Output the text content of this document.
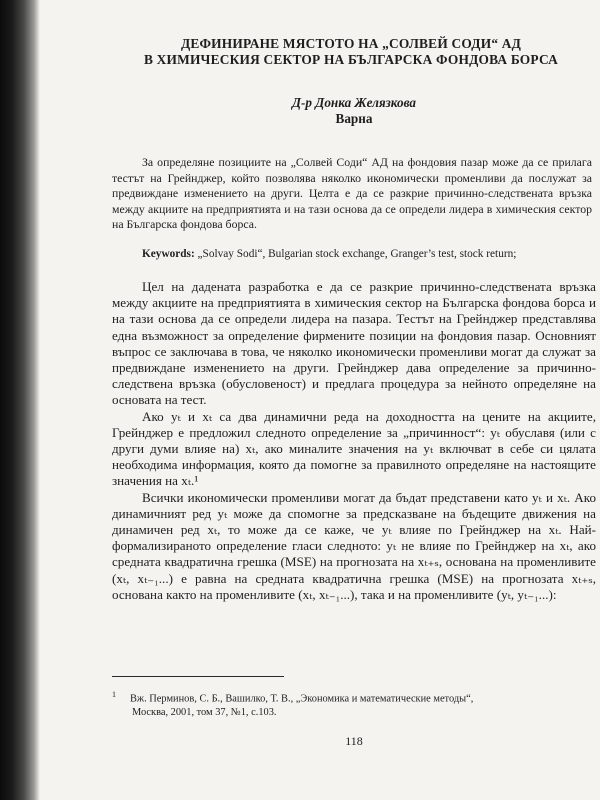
ДЕФИНИРАНЕ МЯСТОТО НА „СОЛВЕЙ СОДИ“ АД
В ХИМИЧЕСКИЯ СЕКТОР НА БЪЛГАРСКА ФОНДОВА БОРСА
Д-р Донка Желязкова
Варна
За определяне позициите на „Солвей Соди“ АД на фондовия пазар може да се прилага тестът на Грейнджер, който позволява няколко икономически променливи да послужат за предвиждане изменението на други. Целта е да се разкрие причинно-следствената връзка между акциите на предприятията и на тази основа да се определи лидера в химическия сектор на Българска фондова борса.
Keywords: „Solvay Sodi“, Bulgarian stock exchange, Granger’s test, stock return;

Цел на дадената разработка е да се разкрие причинно-следствената връзка между акциите на предприятията в химическия сектор на Българска фондова борса и на тази основа да се определи лидера на пазара. Тестът на Грейнджер представлява една възможност за определение фирмените позиции на фондовия пазар. Основният въпрос се заключава в това, че няколко икономически променливи могат да служат за предвиждане изменението на други. Грейнджер дава определение за причинно-следствена връзка (обусловеност) и предлага процедура за нейното определяне на основата на тест.

Ако yₜ и xₜ са два динамични реда на доходността на цените на акциите, Грейнджер е предложил следното определение за „причинност“: yₜ обуславя (или с други думи влияе на) xₜ, ако миналите значения на yₜ включват в себе си цялата необходима информация, която да помогне за правилното определяне на настоящите значения на xₜ.¹

Всички икономически променливи могат да бъдат представени като yₜ и xₜ. Ако динамичният ред yₜ може да спомогне за предсказване на бъдещите движения на динамичен ред xₜ, то може да се каже, че yₜ влияе по Грейнджер на xₜ. Най-формализираното определение гласи следното: yₜ не влияе по Грейнджер на xₜ, ако средната квадратична грешка (MSE) на прогнозата на xₜ₊ₛ, основана на променливите (xₜ, xₜ₋₁...) е равна на средната квадратична грешка (MSE) на прогнозата xₜ₊ₛ, основана както на променливите (xₜ, xₜ₋₁...), така и на променливите (yₜ, yₜ₋₁...):

$^1$ Вж. Перминов, С. Б., Вашилко, Т. В., „Экономика и математические методы“,
Москва, 2001, том 37, №1, с.103.
118
